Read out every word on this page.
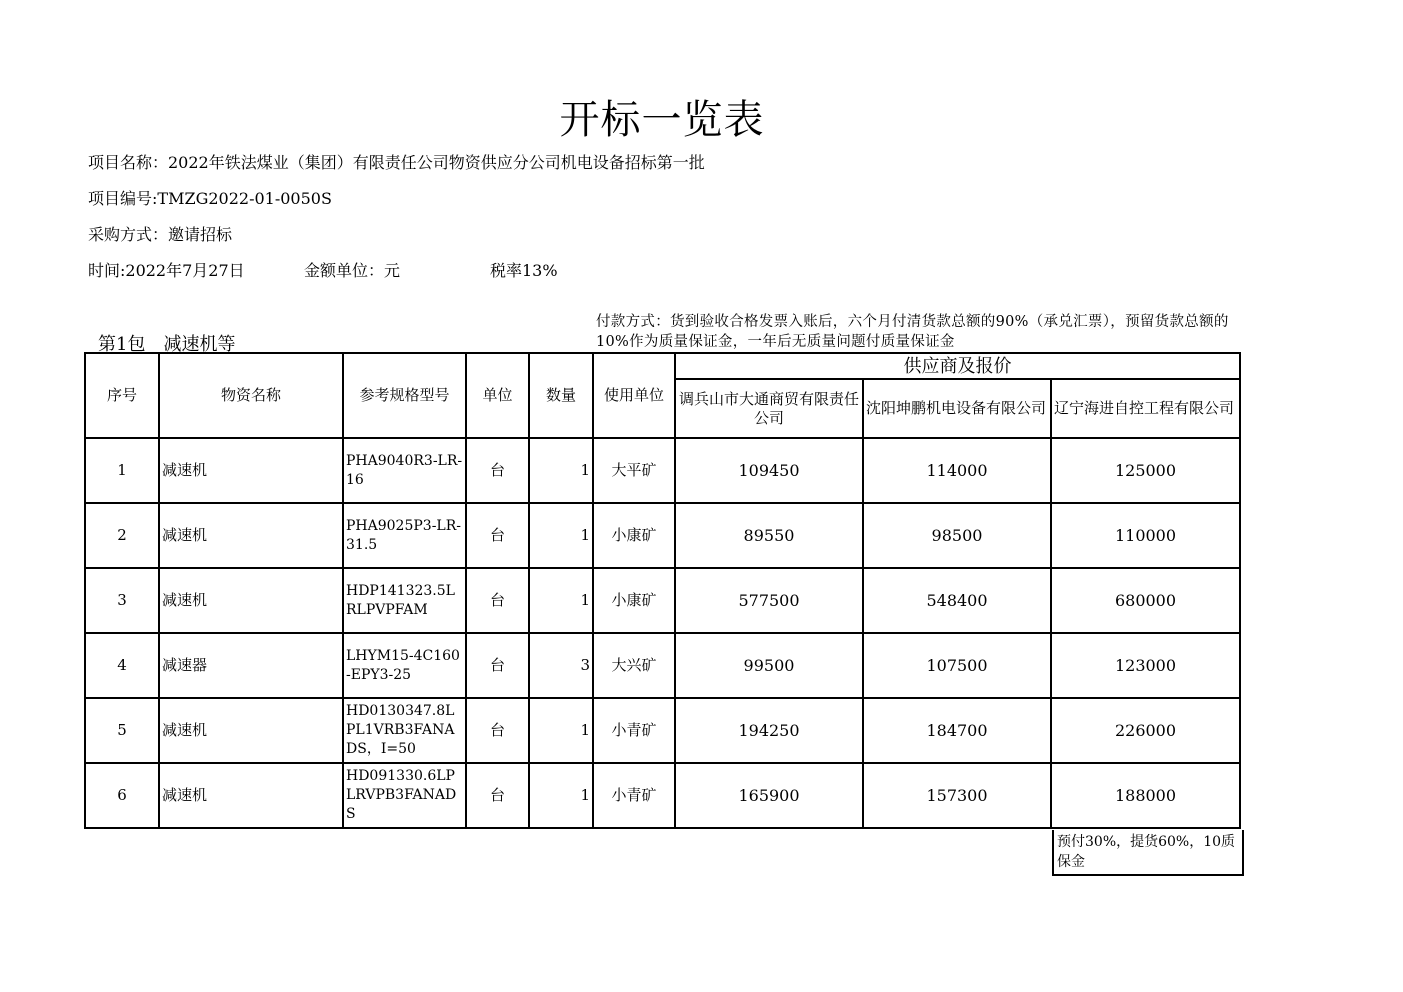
开标一览表
项目名称：2022年铁法煤业（集团）有限责任公司物资供应分公司机电设备招标第一批
项目编号:TMZG2022-01-0050S
采购方式：邀请招标
时间:2022年7月27日	金额单位：元	税率13%
第1包　减速机等
付款方式：货到验收合格发票入账后，六个月付清货款总额的90%（承兑汇票），预留货款总额的10%作为质量保证金，一年后无质量问题付质量保证金
序号	物资名称	参考规格型号	单位	数量	使用单位	供应商及报价		
						调兵山市大通商贸有限责任公司	沈阳坤鹏机电设备有限公司	辽宁海进自控工程有限公司
1	减速机	PHA9040R3-LR-16	台	1	大平矿	109450	114000	125000
2	减速机	PHA9025P3-LR-31.5	台	1	小康矿	89550	98500	110000
3	减速机	HDP141323.5LRLPVPFAM	台	1	小康矿	577500	548400	680000
4	减速器	LHYM15-4C160-EPY3-25	台	3	大兴矿	99500	107500	123000
5	减速机	HD0130347.8LPL1VRB3FANADS，I=50	台	1	小青矿	194250	184700	226000
6	减速机	HD091330.6LPLRVPB3FANADS	台	1	小青矿	165900	157300	188000
预付30%，提货60%，10质保金
